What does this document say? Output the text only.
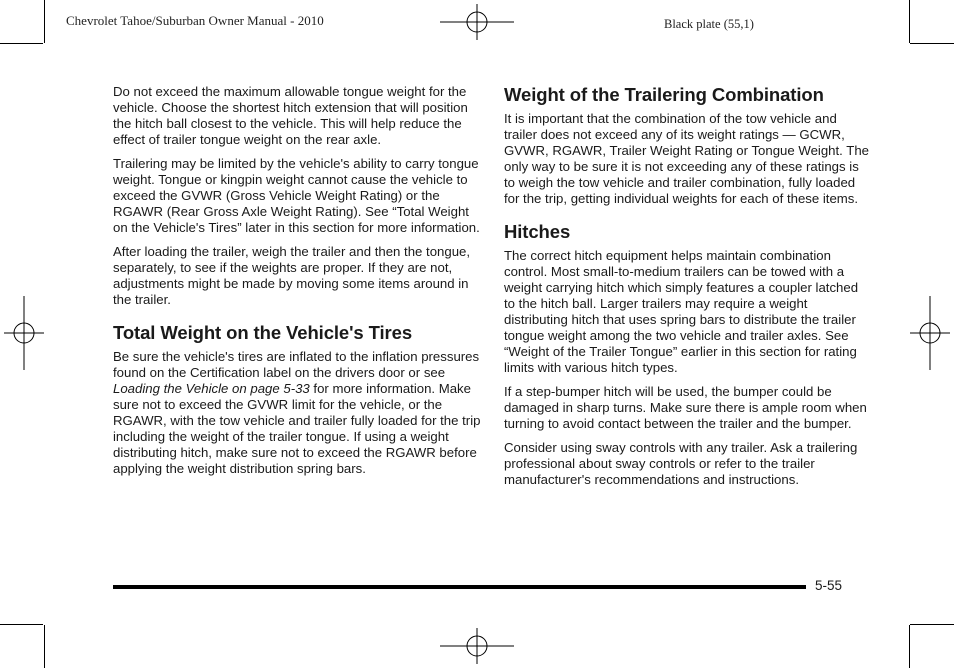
Chevrolet Tahoe/Suburban Owner Manual - 2010	Black plate (55,1)

Do not exceed the maximum allowable tongue weight for the vehicle. Choose the shortest hitch extension that will position the hitch ball closest to the vehicle. This will help reduce the effect of trailer tongue weight on the rear axle.

Trailering may be limited by the vehicle's ability to carry tongue weight. Tongue or kingpin weight cannot cause the vehicle to exceed the GVWR (Gross Vehicle Weight Rating) or the RGAWR (Rear Gross Axle Weight Rating). See “Total Weight on the Vehicle's Tires” later in this section for more information.

After loading the trailer, weigh the trailer and then the tongue, separately, to see if the weights are proper. If they are not, adjustments might be made by moving some items around in the trailer.

Total Weight on the Vehicle's Tires

Be sure the vehicle's tires are inflated to the inflation pressures found on the Certification label on the drivers door or see Loading the Vehicle on page 5-33 for more information. Make sure not to exceed the GVWR limit for the vehicle, or the RGAWR, with the tow vehicle and trailer fully loaded for the trip including the weight of the trailer tongue. If using a weight distributing hitch, make sure not to exceed the RGAWR before applying the weight distribution spring bars.

Weight of the Trailering Combination

It is important that the combination of the tow vehicle and trailer does not exceed any of its weight ratings — GCWR, GVWR, RGAWR, Trailer Weight Rating or Tongue Weight. The only way to be sure it is not exceeding any of these ratings is to weigh the tow vehicle and trailer combination, fully loaded for the trip, getting individual weights for each of these items.

Hitches

The correct hitch equipment helps maintain combination control. Most small-to-medium trailers can be towed with a weight carrying hitch which simply features a coupler latched to the hitch ball. Larger trailers may require a weight distributing hitch that uses spring bars to distribute the trailer tongue weight among the two vehicle and trailer axles. See “Weight of the Trailer Tongue” earlier in this section for rating limits with various hitch types.

If a step-bumper hitch will be used, the bumper could be damaged in sharp turns. Make sure there is ample room when turning to avoid contact between the trailer and the bumper.

Consider using sway controls with any trailer. Ask a trailering professional about sway controls or refer to the trailer manufacturer's recommendations and instructions.

5-55
